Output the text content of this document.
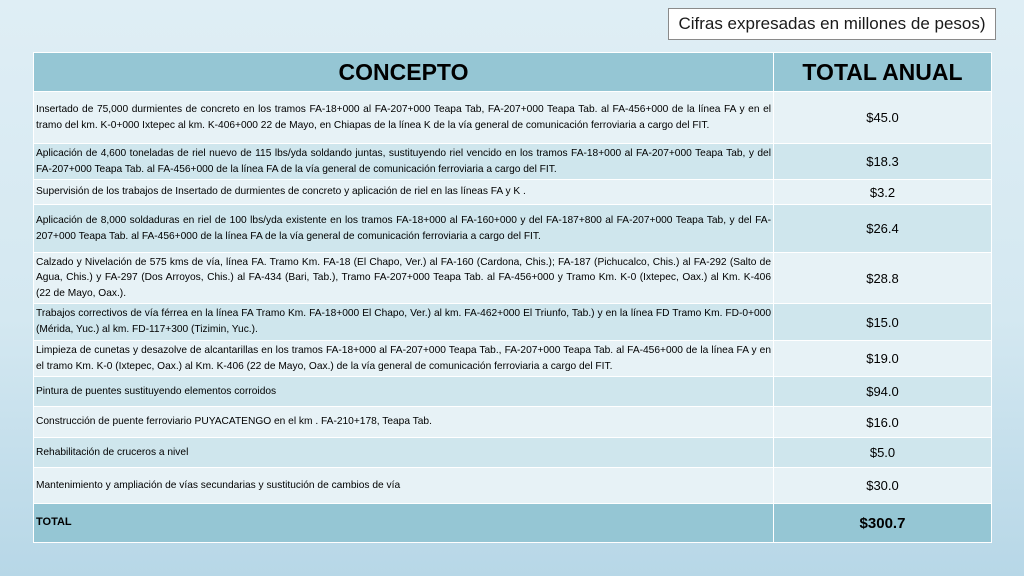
Cifras expresadas en millones de pesos)
CONCEPTO	TOTAL ANUAL
Insertado de 75,000 durmientes de concreto en los tramos FA-18+000 al FA-207+000 Teapa Tab, FA-207+000 Teapa Tab. al FA-456+000 de la línea FA y en el tramo del km. K-0+000 Ixtepec al km. K-406+000 22 de Mayo, en Chiapas de la línea K de la vía general de comunicación ferroviaria a cargo del FIT.	$45.0
Aplicación de 4,600 toneladas de riel nuevo de 115 lbs/yda soldando juntas, sustituyendo riel vencido en los tramos FA-18+000 al FA-207+000 Teapa Tab, y del FA-207+000 Teapa Tab. al FA-456+000 de la línea FA de la vía general de comunicación ferroviaria a cargo del FIT.	$18.3
Supervisión de los trabajos de Insertado de durmientes de concreto y aplicación de riel en las líneas FA y K .	$3.2
Aplicación de 8,000 soldaduras en riel de 100 lbs/yda existente en los tramos FA-18+000 al FA-160+000 y del FA-187+800 al FA-207+000 Teapa Tab, y del FA-207+000 Teapa Tab. al FA-456+000 de la línea FA de la vía general de comunicación ferroviaria a cargo del FIT.	$26.4
Calzado y Nivelación de 575 kms de vía, línea FA. Tramo Km. FA-18 (El Chapo, Ver.) al FA-160 (Cardona, Chis.); FA-187 (Pichucalco, Chis.) al FA-292 (Salto de Agua, Chis.) y FA-297 (Dos Arroyos, Chis.) al FA-434 (Bari, Tab.), Tramo FA-207+000 Teapa Tab. al FA-456+000 y Tramo Km. K-0 (Ixtepec, Oax.) al Km. K-406 (22 de Mayo, Oax.).	$28.8
Trabajos correctivos de vía férrea en la línea FA Tramo Km. FA-18+000 El Chapo, Ver.) al km. FA-462+000 El Triunfo, Tab.) y en la línea FD Tramo Km. FD-0+000 (Mérida, Yuc.) al km. FD-117+300 (Tizimin, Yuc.).	$15.0
Limpieza de cunetas y desazolve de alcantarillas en los tramos FA-18+000 al FA-207+000 Teapa Tab., FA-207+000 Teapa Tab. al FA-456+000 de la línea FA y en el tramo Km. K-0 (Ixtepec, Oax.) al Km. K-406 (22 de Mayo, Oax.) de la vía general de comunicación ferroviaria a cargo del FIT.	$19.0
Pintura de puentes sustituyendo elementos corroidos	$94.0
Construcción de puente ferroviario PUYACATENGO en el km . FA-210+178, Teapa Tab.	$16.0
Rehabilitación de cruceros a nivel	$5.0
Mantenimiento y ampliación de vías secundarias y sustitución de cambios de vía	$30.0
TOTAL	$300.7
